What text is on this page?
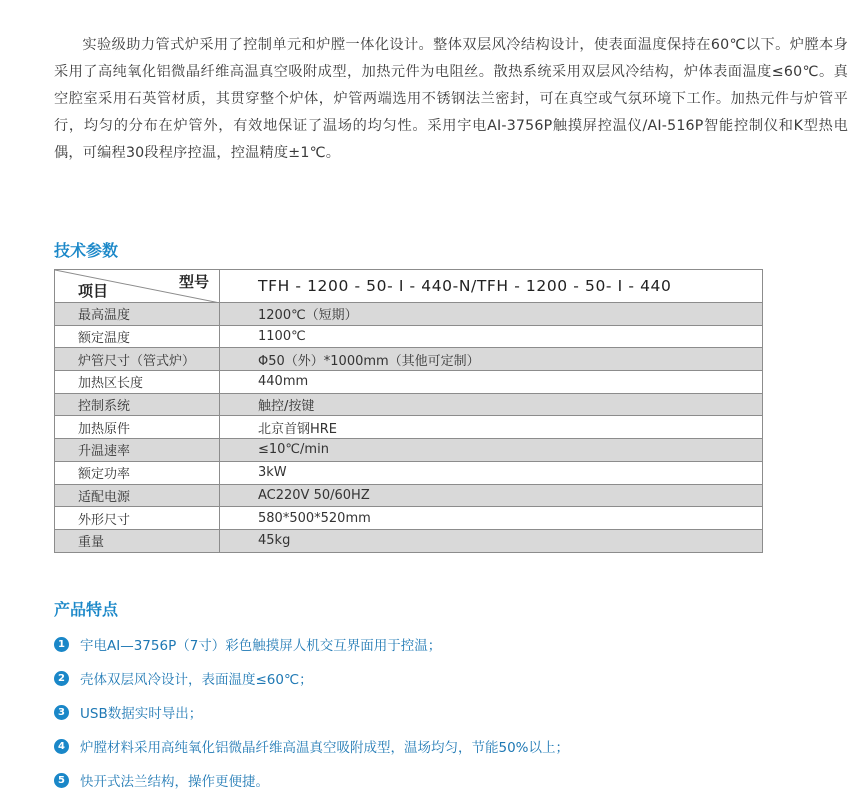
实验级助力管式炉采用了控制单元和炉膛一体化设计。整体双层风冷结构设计，使表面温度保持在60℃以下。炉膛本身采用了高纯氧化铝微晶纤维高温真空吸附成型，加热元件为电阻丝。散热系统采用双层风冷结构，炉体表面温度≤60℃。真空腔室采用石英管材质，其贯穿整个炉体，炉管两端选用不锈钢法兰密封，可在真空或气氛环境下工作。加热元件与炉管平行，均匀的分布在炉管外，有效地保证了温场的均匀性。采用宇电AI-3756P触摸屏控温仪/AI-516P智能控制仪和K型热电偶，可编程30段程序控温，控温精度±1℃。

技术参数
型号
项目	TFH - 1200 - 50- Ⅰ - 440-N/TFH - 1200 - 50- Ⅰ - 440
最高温度	1200℃（短期）
额定温度	1100℃
炉管尺寸（管式炉）	Φ50（外）*1000mm（其他可定制）
加热区长度	440mm
控制系统	触控/按键
加热原件	北京首钢HRE
升温速率	≤10℃/min
额定功率	3kW
适配电源	AC220V 50/60HZ
外形尺寸	580*500*520mm
重量	45kg
产品特点
1 宇电AI—3756P（7寸）彩色触摸屏人机交互界面用于控温；
2 壳体双层风冷设计，表面温度≤60℃；
3 USB数据实时导出；
4 炉膛材料采用高纯氧化铝微晶纤维高温真空吸附成型，温场均匀，节能50%以上；
5 快开式法兰结构，操作更便捷。
